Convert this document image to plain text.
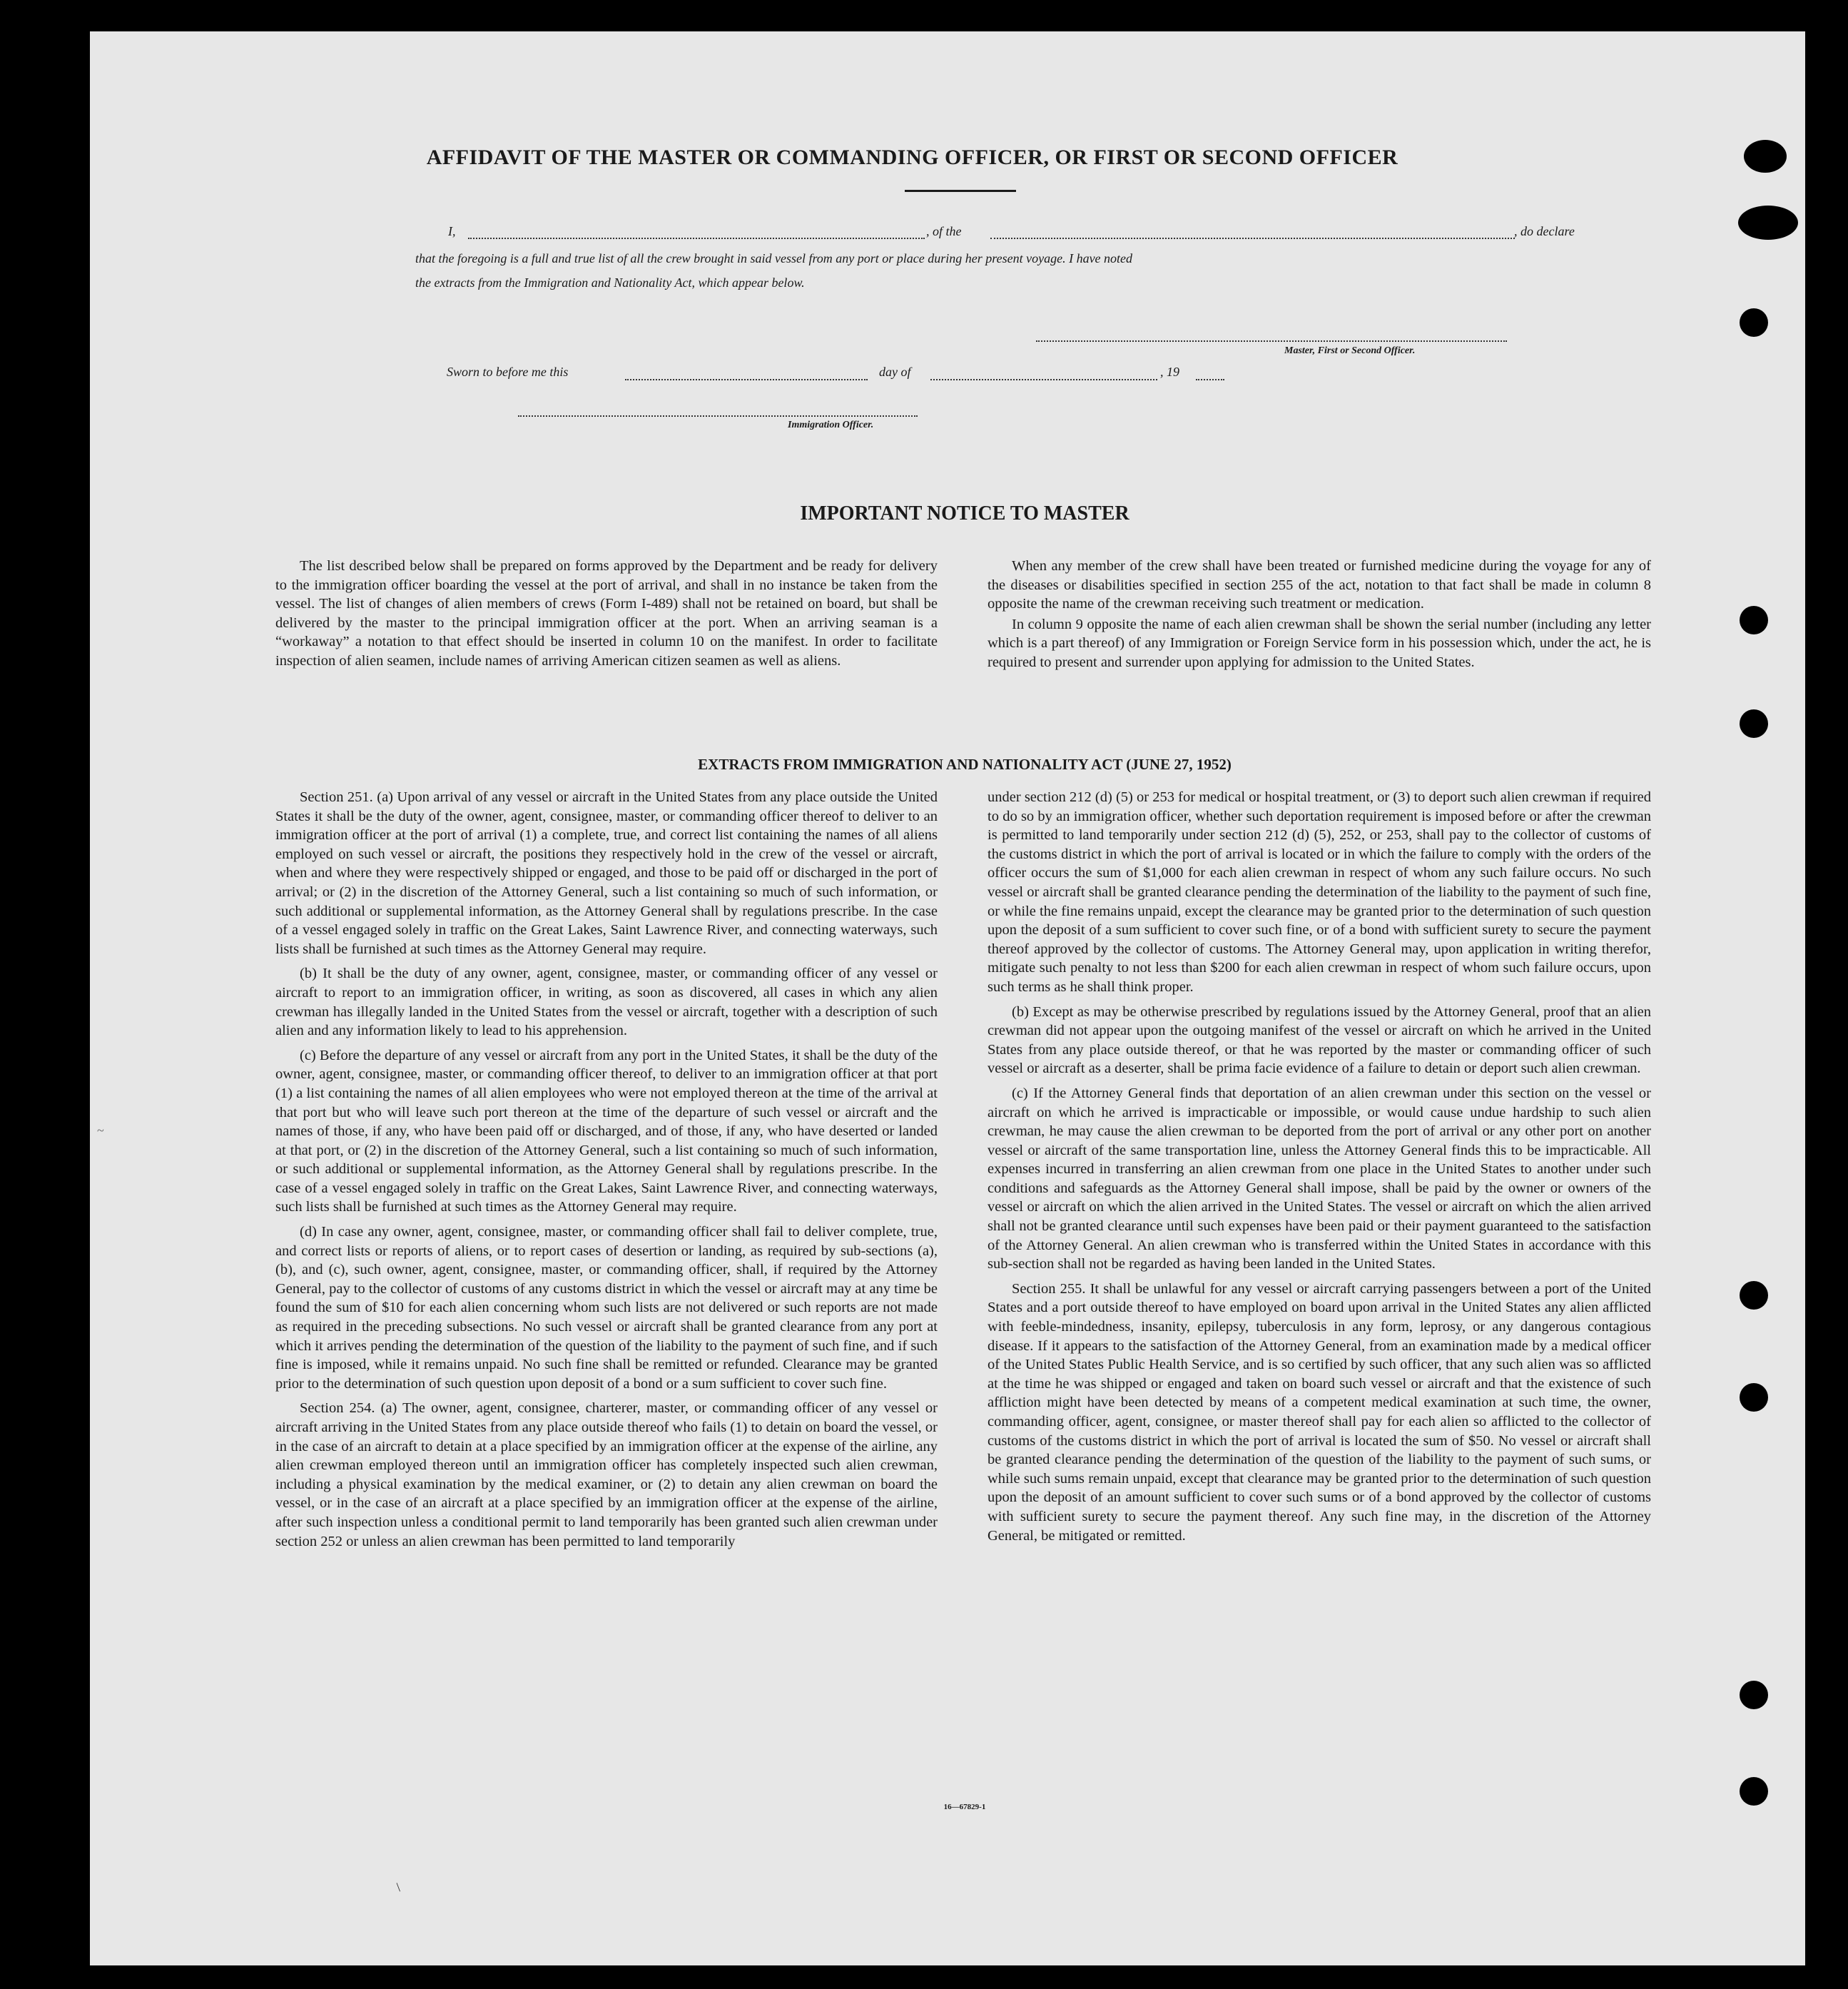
AFFIDAVIT OF THE MASTER OR COMMANDING OFFICER, OR FIRST OR SECOND OFFICER
I,	, of the	, do declare
that the foregoing is a full and true list of all the crew brought in said vessel from any port or place during her present voyage. I have noted
the extracts from the Immigration and Nationality Act, which appear below.
Master, First or Second Officer.
Sworn to before me this	day of	, 19
Immigration Officer.
IMPORTANT NOTICE TO MASTER

The list described below shall be prepared on forms approved by the Department and be ready for delivery to the immigration officer boarding the vessel at the port of arrival, and shall in no instance be taken from the vessel. The list of changes of alien members of crews (Form I-489) shall not be retained on board, but shall be delivered by the master to the principal immigration officer at the port. When an arriving seaman is a “workaway” a notation to that effect should be inserted in column 10 on the manifest. In order to facilitate inspection of alien seamen, include names of arriving American citizen seamen as well as aliens.

When any member of the crew shall have been treated or furnished medicine during the voyage for any of the diseases or disabilities specified in section 255 of the act, notation to that fact shall be made in column 8 opposite the name of the crewman receiving such treatment or medication.

In column 9 opposite the name of each alien crewman shall be shown the serial number (including any letter which is a part thereof) of any Immigration or Foreign Service form in his possession which, under the act, he is required to present and surrender upon applying for admission to the United States.

EXTRACTS FROM IMMIGRATION AND NATIONALITY ACT (JUNE 27, 1952)

Section 251. (a) Upon arrival of any vessel or aircraft in the United States from any place outside the United States it shall be the duty of the owner, agent, consignee, master, or commanding officer thereof to deliver to an immigration officer at the port of arrival (1) a complete, true, and correct list containing the names of all aliens employed on such vessel or aircraft, the positions they respectively hold in the crew of the vessel or aircraft, when and where they were respectively shipped or engaged, and those to be paid off or discharged in the port of arrival; or (2) in the discretion of the Attorney General, such a list containing so much of such information, or such additional or supplemental information, as the Attorney General shall by regulations prescribe. In the case of a vessel engaged solely in traffic on the Great Lakes, Saint Lawrence River, and connecting waterways, such lists shall be furnished at such times as the Attorney General may require.

(b) It shall be the duty of any owner, agent, consignee, master, or commanding officer of any vessel or aircraft to report to an immigration officer, in writing, as soon as discovered, all cases in which any alien crewman has illegally landed in the United States from the vessel or aircraft, together with a description of such alien and any information likely to lead to his apprehension.

(c) Before the departure of any vessel or aircraft from any port in the United States, it shall be the duty of the owner, agent, consignee, master, or commanding officer thereof, to deliver to an immigration officer at that port (1) a list containing the names of all alien employees who were not employed thereon at the time of the arrival at that port but who will leave such port thereon at the time of the departure of such vessel or aircraft and the names of those, if any, who have been paid off or discharged, and of those, if any, who have deserted or landed at that port, or (2) in the discretion of the Attorney General, such a list containing so much of such information, or such additional or supplemental information, as the Attorney General shall by regulations prescribe. In the case of a vessel engaged solely in traffic on the Great Lakes, Saint Lawrence River, and connecting waterways, such lists shall be furnished at such times as the Attorney General may require.

(d) In case any owner, agent, consignee, master, or commanding officer shall fail to deliver complete, true, and correct lists or reports of aliens, or to report cases of desertion or landing, as required by sub-sections (a), (b), and (c), such owner, agent, consignee, master, or commanding officer, shall, if required by the Attorney General, pay to the collector of customs of any customs district in which the vessel or aircraft may at any time be found the sum of $10 for each alien concerning whom such lists are not delivered or such reports are not made as required in the preceding subsections. No such vessel or aircraft shall be granted clearance from any port at which it arrives pending the determination of the question of the liability to the payment of such fine, and if such fine is imposed, while it remains unpaid. No such fine shall be remitted or refunded. Clearance may be granted prior to the determination of such question upon deposit of a bond or a sum sufficient to cover such fine.

Section 254. (a) The owner, agent, consignee, charterer, master, or commanding officer of any vessel or aircraft arriving in the United States from any place outside thereof who fails (1) to detain on board the vessel, or in the case of an aircraft to detain at a place specified by an immigration officer at the expense of the airline, any alien crewman employed thereon until an immigration officer has completely inspected such alien crewman, including a physical examination by the medical examiner, or (2) to detain any alien crewman on board the vessel, or in the case of an aircraft at a place specified by an immigration officer at the expense of the airline, after such inspection unless a conditional permit to land temporarily has been granted such alien crewman under section 252 or unless an alien crewman has been permitted to land temporarily

under section 212 (d) (5) or 253 for medical or hospital treatment, or (3) to deport such alien crewman if required to do so by an immigration officer, whether such deportation requirement is imposed before or after the crewman is permitted to land temporarily under section 212 (d) (5), 252, or 253, shall pay to the collector of customs of the customs district in which the port of arrival is located or in which the failure to comply with the orders of the officer occurs the sum of $1,000 for each alien crewman in respect of whom any such failure occurs. No such vessel or aircraft shall be granted clearance pending the determination of the liability to the payment of such fine, or while the fine remains unpaid, except the clearance may be granted prior to the determination of such question upon the deposit of a sum sufficient to cover such fine, or of a bond with sufficient surety to secure the payment thereof approved by the collector of customs. The Attorney General may, upon application in writing therefor, mitigate such penalty to not less than $200 for each alien crewman in respect of whom such failure occurs, upon such terms as he shall think proper.

(b) Except as may be otherwise prescribed by regulations issued by the Attorney General, proof that an alien crewman did not appear upon the outgoing manifest of the vessel or aircraft on which he arrived in the United States from any place outside thereof, or that he was reported by the master or commanding officer of such vessel or aircraft as a deserter, shall be prima facie evidence of a failure to detain or deport such alien crewman.

(c) If the Attorney General finds that deportation of an alien crewman under this section on the vessel or aircraft on which he arrived is impracticable or impossible, or would cause undue hardship to such alien crewman, he may cause the alien crewman to be deported from the port of arrival or any other port on another vessel or aircraft of the same transportation line, unless the Attorney General finds this to be impracticable. All expenses incurred in transferring an alien crewman from one place in the United States to another under such conditions and safeguards as the Attorney General shall impose, shall be paid by the owner or owners of the vessel or aircraft on which the alien arrived in the United States. The vessel or aircraft on which the alien arrived shall not be granted clearance until such expenses have been paid or their payment guaranteed to the satisfaction of the Attorney General. An alien crewman who is transferred within the United States in accordance with this sub-section shall not be regarded as having been landed in the United States.

Section 255. It shall be unlawful for any vessel or aircraft carrying passengers between a port of the United States and a port outside thereof to have employed on board upon arrival in the United States any alien afflicted with feeble-mindedness, insanity, epilepsy, tuberculosis in any form, leprosy, or any dangerous contagious disease. If it appears to the satisfaction of the Attorney General, from an examination made by a medical officer of the United States Public Health Service, and is so certified by such officer, that any such alien was so afflicted at the time he was shipped or engaged and taken on board such vessel or aircraft and that the existence of such affliction might have been detected by means of a competent medical examination at such time, the owner, commanding officer, agent, consignee, or master thereof shall pay for each alien so afflicted to the collector of customs of the customs district in which the port of arrival is located the sum of $50. No vessel or aircraft shall be granted clearance pending the determination of the question of the liability to the payment of such sums, or while such sums remain unpaid, except that clearance may be granted prior to the determination of such question upon the deposit of an amount sufficient to cover such sums or of a bond approved by the collector of customs with sufficient surety to secure the payment thereof. Any such fine may, in the discretion of the Attorney General, be mitigated or remitted.

16—67829-1
~
/
